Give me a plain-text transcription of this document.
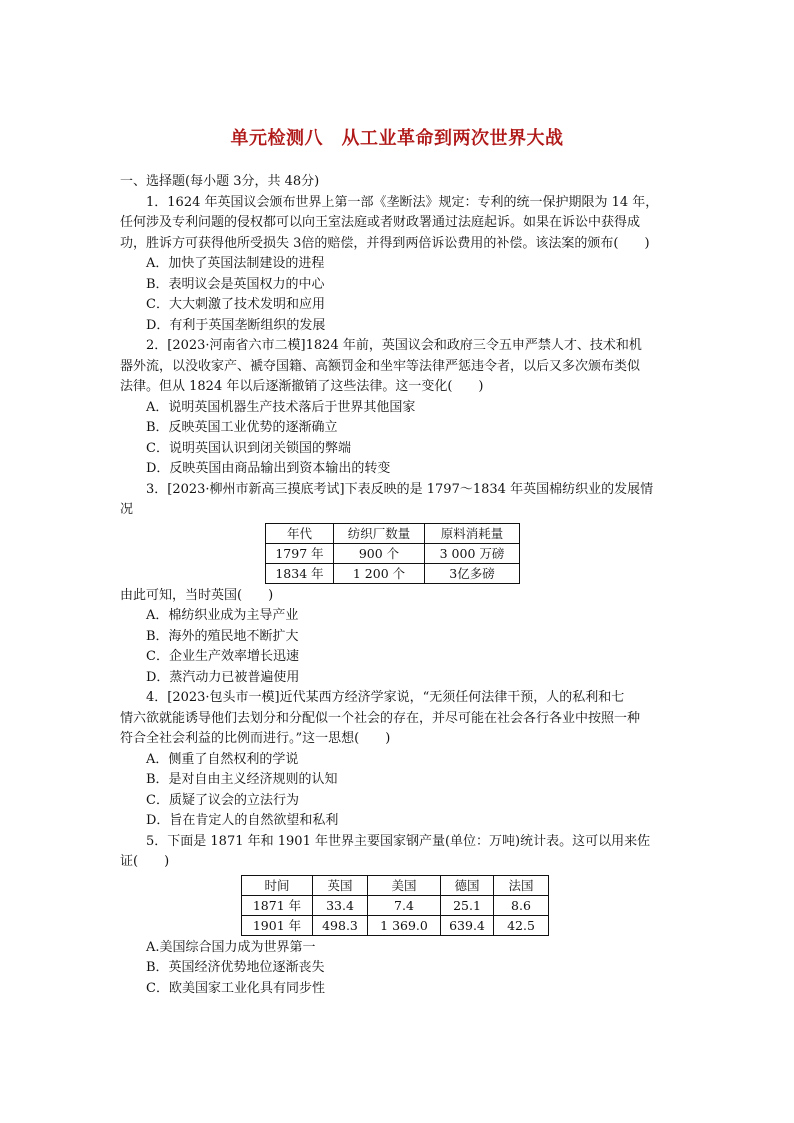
单元检测八　从工业革命到两次世界大战
一、选择题(每小题 3分，共 48分)
1．1624 年英国议会颁布世界上第一部《垄断法》规定：专利的统一保护期限为 14 年，
任何涉及专利问题的侵权都可以向王室法庭或者财政署通过法庭起诉。如果在诉讼中获得成
功，胜诉方可获得他所受损失 3倍的赔偿，并得到两倍诉讼费用的补偿。该法案的颁布(　　)
A．加快了英国法制建设的进程
B．表明议会是英国权力的中心
C．大大刺激了技术发明和应用
D．有利于英国垄断组织的发展
2．[2023·河南省六市二模]1824 年前，英国议会和政府三令五申严禁人才、技术和机
器外流，以没收家产、褫夺国籍、高额罚金和坐牢等法律严惩违令者，以后又多次颁布类似
法律。但从 1824 年以后逐渐撤销了这些法律。这一变化(　　)
A．说明英国机器生产技术落后于世界其他国家
B．反映英国工业优势的逐渐确立
C．说明英国认识到闭关锁国的弊端
D．反映英国由商品输出到资本输出的转变
3．[2023·柳州市新高三摸底考试]下表反映的是 1797～1834 年英国棉纺织业的发展情
况
年代	纺织厂数量	原料消耗量
1797 年	900 个	3 000 万磅
1834 年	1 200 个	3亿多磅
由此可知，当时英国(　　)
A．棉纺织业成为主导产业
B．海外的殖民地不断扩大
C．企业生产效率增长迅速
D．蒸汽动力已被普遍使用
4．[2023·包头市一模]近代某西方经济学家说，“无须任何法律干预，人的私利和七
情六欲就能诱导他们去划分和分配似一个社会的存在，并尽可能在社会各行各业中按照一种
符合全社会利益的比例而进行。”这一思想(　　)
A．侧重了自然权利的学说
B．是对自由主义经济规则的认知
C．质疑了议会的立法行为
D．旨在肯定人的自然欲望和私利
5．下面是 1871 年和 1901 年世界主要国家钢产量(单位：万吨)统计表。这可以用来佐
证(　　)
时间	英国	美国	德国	法国
1871 年	33.4	7.4	25.1	8.6
1901 年	498.3	1 369.0	639.4	42.5
A.美国综合国力成为世界第一
B．英国经济优势地位逐渐丧失
C．欧美国家工业化具有同步性
